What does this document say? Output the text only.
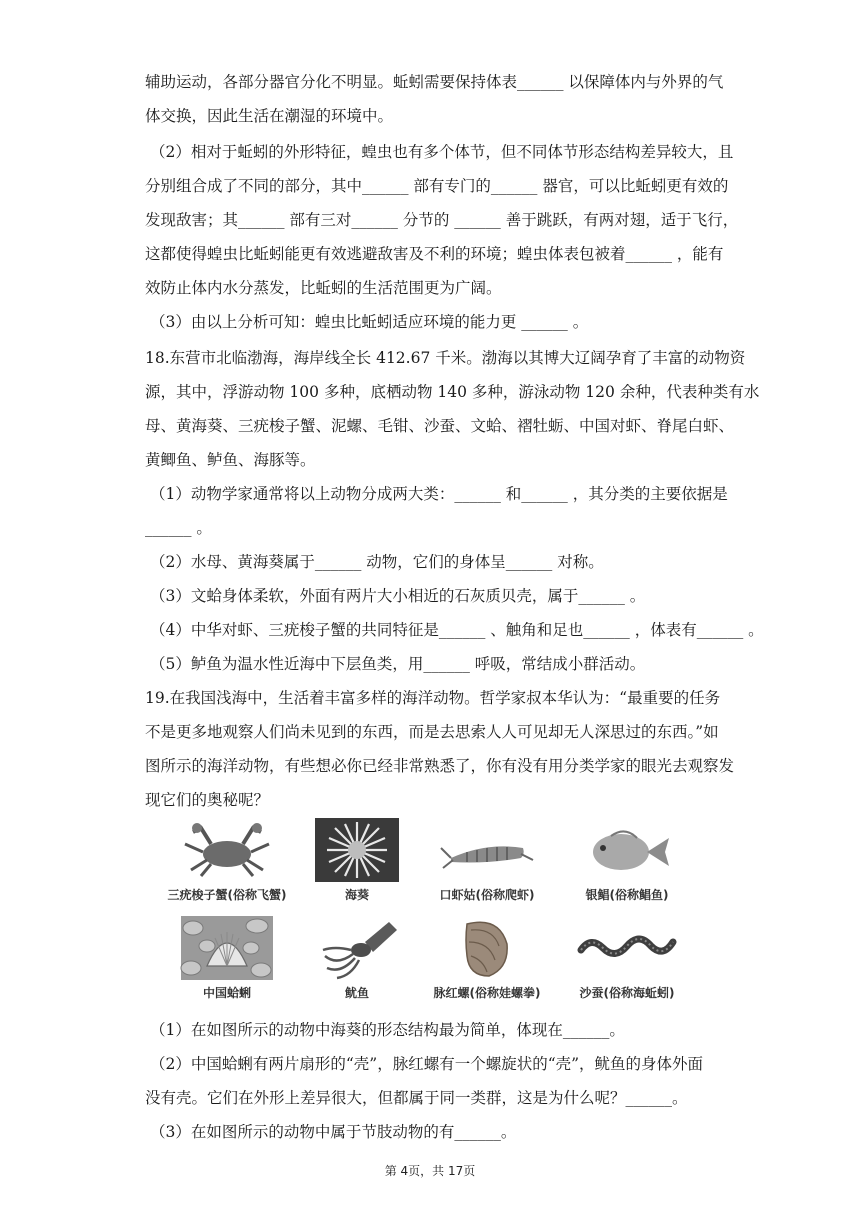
辅助运动，各部分器官分化不明显。蚯蚓需要保持体表______ 以保障体内与外界的气
体交换，因此生活在潮湿的环境中。
（2）相对于蚯蚓的外形特征，蝗虫也有多个体节，但不同体节形态结构差异较大，且
分别组合成了不同的部分，其中______ 部有专门的______ 器官，可以比蚯蚓更有效的
发现敌害；其______ 部有三对______ 分节的 ______ 善于跳跃，有两对翅，适于飞行，
这都使得蝗虫比蚯蚓能更有效逃避敌害及不利的环境；蝗虫体表包被着______ ，能有
效防止体内水分蒸发，比蚯蚓的生活范围更为广阔。
（3）由以上分析可知：蝗虫比蚯蚓适应环境的能力更 ______ 。
18.东营市北临渤海，海岸线全长 412.67 千米。渤海以其博大辽阔孕育了丰富的动物资
源，其中，浮游动物 100 多种，底栖动物 140 多种，游泳动物 120 余种，代表种类有水
母、黄海葵、三疣梭子蟹、泥螺、毛钳、沙蚕、文蛤、褶牡蛎、中国对虾、脊尾白虾、
黄鲫鱼、鲈鱼、海豚等。
（1）动物学家通常将以上动物分成两大类：______ 和______ ，其分类的主要依据是
______ 。
（2）水母、黄海葵属于______ 动物，它们的身体呈______ 对称。
（3）文蛤身体柔软，外面有两片大小相近的石灰质贝壳，属于______ 。
（4）中华对虾、三疣梭子蟹的共同特征是______ 、触角和足也______ ，体表有______ 。
（5）鲈鱼为温水性近海中下层鱼类，用______ 呼吸，常结成小群活动。
19.在我国浅海中，生活着丰富多样的海洋动物。哲学家叔本华认为：“最重要的任务
不是更多地观察人们尚未见到的东西，而是去思索人人可见却无人深思过的东西。”如
图所示的海洋动物，有些想必你已经非常熟悉了，你有没有用分类学家的眼光去观察发
现它们的奥秘呢？
三疣梭子蟹(俗称飞蟹)	海葵	口虾姑(俗称爬虾)	银鲳(俗称鲳鱼)
中国蛤蜊	鱿鱼	脉红螺(俗称娃螺拳)	沙蚕(俗称海蚯蚓)
（1）在如图所示的动物中海葵的形态结构最为简单，体现在______。
（2）中国蛤蜊有两片扇形的“壳”，脉红螺有一个螺旋状的“壳”，鱿鱼的身体外面
没有壳。它们在外形上差异很大，但都属于同一类群，这是为什么呢？______。
（3）在如图所示的动物中属于节肢动物的有______。
第 4页，共 17页
